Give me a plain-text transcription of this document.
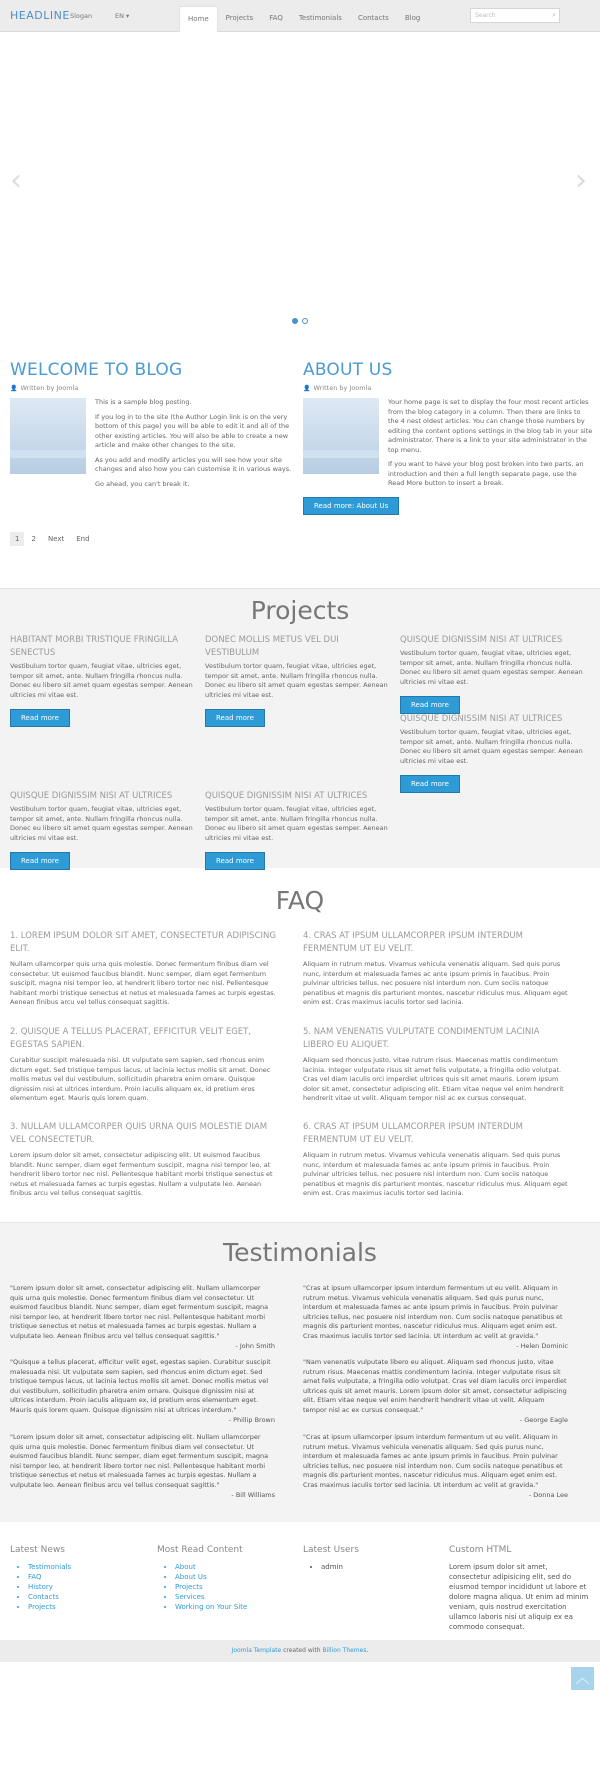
HEADLINE Slogan	EN ▾	Home	Projects	FAQ	Testimonials	Contacts	Blog	Search	⌕
‹	›
WELCOME TO BLOG
👤 Written by Joomla

This is a sample blog posting.

If you log in to the site (the Author Login link is on the very bottom of this page) you will be able to edit it and all of the other existing articles. You will also be able to create a new article and make other changes to the site.

As you add and modify articles you will see how your site changes and also how you can customise it in various ways.

Go ahead, you can't break it.

ABOUT US
👤 Written by Joomla

Your home page is set to display the four most recent articles from the blog category in a column. Then there are links to the 4 nest oldest articles. You can change those numbers by editing the content options settings in the blog tab in your site administrator. There is a link to your site administrator in the top menu.

If you want to have your blog post broken into two parts, an introduction and then a full length separate page, use the Read More button to insert a break.

Read more: About Us
1	2	Next	End
Projects
HABITANT MORBI TRISTIQUE FRINGILLA SENECTUS

Vestibulum tortor quam, feugiat vitae, ultricies eget, tempor sit amet, ante. Nullam fringilla rhoncus nulla. Donec eu libero sit amet quam egestas semper. Aenean ultricies mi vitae est.

Read more
DONEC MOLLIS METUS VEL DUI VESTIBULUM

Vestibulum tortor quam, feugiat vitae, ultricies eget, tempor sit amet, ante. Nullam fringilla rhoncus nulla. Donec eu libero sit amet quam egestas semper. Aenean ultricies mi vitae est.

Read more
QUISQUE DIGNISSIM NISI AT ULTRICES

Vestibulum tortor quam, feugiat vitae, ultricies eget, tempor sit amet, ante. Nullam fringilla rhoncus nulla. Donec eu libero sit amet quam egestas semper. Aenean ultricies mi vitae est.

Read more
QUISQUE DIGNISSIM NISI AT ULTRICES

Vestibulum tortor quam, feugiat vitae, ultricies eget, tempor sit amet, ante. Nullam fringilla rhoncus nulla. Donec eu libero sit amet quam egestas semper. Aenean ultricies mi vitae est.

Read more
QUISQUE DIGNISSIM NISI AT ULTRICES

Vestibulum tortor quam, feugiat vitae, ultricies eget, tempor sit amet, ante. Nullam fringilla rhoncus nulla. Donec eu libero sit amet quam egestas semper. Aenean ultricies mi vitae est.

Read more
QUISQUE DIGNISSIM NISI AT ULTRICES

Vestibulum tortor quam, feugiat vitae, ultricies eget, tempor sit amet, ante. Nullam fringilla rhoncus nulla. Donec eu libero sit amet quam egestas semper. Aenean ultricies mi vitae est.

Read more
FAQ
1. LOREM IPSUM DOLOR SIT AMET, CONSECTETUR ADIPISCING ELIT.

Nullam ullamcorper quis urna quis molestie. Donec fermentum finibus diam vel consectetur. Ut euismod faucibus blandit. Nunc semper, diam eget fermentum suscipit, magna nisi tempor leo, at hendrerit libero tortor nec nisl. Pellentesque habitant morbi tristique senectus et netus et malesuada fames ac turpis egestas. Aenean finibus arcu vel tellus consequat sagittis.

2. QUISQUE A TELLUS PLACERAT, EFFICITUR VELIT EGET, EGESTAS SAPIEN.

Curabitur suscipit malesuada nisi. Ut vulputate sem sapien, sed rhoncus enim dictum eget. Sed tristique tempus lacus, ut lacinia lectus mollis sit amet. Donec mollis metus vel dui vestibulum, sollicitudin pharetra enim ornare. Quisque dignissim nisi at ultrices interdum. Proin iaculis aliquam ex, id pretium eros elementum eget. Mauris quis lorem quam.

3. NULLAM ULLAMCORPER QUIS URNA QUIS MOLESTIE DIAM VEL CONSECTETUR.

Lorem ipsum dolor sit amet, consectetur adipiscing elit. Ut euismod faucibus blandit. Nunc semper, diam eget fermentum suscipit, magna nisi tempor leo, at hendrerit libero tortor nec nisl. Pellentesque habitant morbi tristique senectus et netus et malesuada fames ac turpis egestas. Nullam a vulputate leo. Aenean finibus arcu vel tellus consequat sagittis.

4. CRAS AT IPSUM ULLAMCORPER IPSUM INTERDUM FERMENTUM UT EU VELIT.

Aliquam in rutrum metus. Vivamus vehicula venenatis aliquam. Sed quis purus nunc, interdum et malesuada fames ac ante ipsum primis in faucibus. Proin pulvinar ultricies tellus, nec posuere nisl interdum non. Cum sociis natoque penatibus et magnis dis parturient montes, nascetur ridiculus mus. Aliquam eget enim est. Cras maximus iaculis tortor sed lacinia.

5. NAM VENENATIS VULPUTATE CONDIMENTUM LACINIA LIBERO EU ALIQUET.

Aliquam sed rhoncus justo, vitae rutrum risus. Maecenas mattis condimentum lacinia. Integer vulputate risus sit amet felis vulputate, a fringilla odio volutpat. Cras vel diam iaculis orci imperdiet ultrices quis sit amet mauris. Lorem ipsum dolor sit amet, consectetur adipiscing elit. Etiam vitae neque vel enim hendrerit hendrerit vitae ut velit. Aliquam tempor nisl ac ex cursus consequat.

6. CRAS AT IPSUM ULLAMCORPER IPSUM INTERDUM FERMENTUM UT EU VELIT.

Aliquam in rutrum metus. Vivamus vehicula venenatis aliquam. Sed quis purus nunc, interdum et malesuada fames ac ante ipsum primis in faucibus. Proin pulvinar ultricies tellus, nec posuere nisl interdum non. Cum sociis natoque penatibus et magnis dis parturient montes, nascetur ridiculus mus. Aliquam eget enim est. Cras maximus iaculis tortor sed lacinia.

Testimonials

"Lorem ipsum dolor sit amet, consectetur adipiscing elit. Nullam ullamcorper quis urna quis molestie. Donec fermentum finibus diam vel consectetur. Ut euismod faucibus blandit. Nunc semper, diam eget fermentum suscipit, magna nisi tempor leo, at hendrerit libero tortor nec nisl. Pellentesque habitant morbi tristique senectus et netus et malesuada fames ac turpis egestas. Nullam a vulputate leo. Aenean finibus arcu vel tellus consequat sagittis."

- John Smith

"Quisque a tellus placerat, efficitur velit eget, egestas sapien. Curabitur suscipit malesuada nisi. Ut vulputate sem sapien, sed rhoncus enim dictum eget. Sed tristique tempus lacus, ut lacinia lectus mollis sit amet. Donec mollis metus vel dui vestibulum, sollicitudin pharetra enim ornare. Quisque dignissim nisi at ultrices interdum. Proin iaculis aliquam ex, id pretium eros elementum eget. Mauris quis lorem quam. Quisque dignissim nisi at ultrices interdum."

- Phillip Brown

"Lorem ipsum dolor sit amet, consectetur adipiscing elit. Nullam ullamcorper quis urna quis molestie. Donec fermentum finibus diam vel consectetur. Ut euismod faucibus blandit. Nunc semper, diam eget fermentum suscipit, magna nisi tempor leo, at hendrerit libero tortor nec nisl. Pellentesque habitant morbi tristique senectus et netus et malesuada fames ac turpis egestas. Nullam a vulputate leo. Aenean finibus arcu vel tellus consequat sagittis."

- Bill Williams

"Cras at ipsum ullamcorper ipsum interdum fermentum ut eu velit. Aliquam in rutrum metus. Vivamus vehicula venenatis aliquam. Sed quis purus nunc, interdum et malesuada fames ac ante ipsum primis in faucibus. Proin pulvinar ultricies tellus, nec posuere nisl interdum non. Cum sociis natoque penatibus et magnis dis parturient montes, nascetur ridiculus mus. Aliquam eget enim est. Cras maximus iaculis tortor sed lacinia. Ut interdum ac velit at gravida."

- Helen Dominic

"Nam venenatis vulputate libero eu aliquet. Aliquam sed rhoncus justo, vitae rutrum risus. Maecenas mattis condimentum lacinia. Integer vulputate risus sit amet felis vulputate, a fringilla odio volutpat. Cras vel diam iaculis orci imperdiet ultrices quis sit amet mauris. Lorem ipsum dolor sit amet, consectetur adipiscing elit. Etiam vitae neque vel enim hendrerit hendrerit vitae ut velit. Aliquam tempor nisl ac ex cursus consequat."

- George Eagle

"Cras at ipsum ullamcorper ipsum interdum fermentum ut eu velit. Aliquam in rutrum metus. Vivamus vehicula venenatis aliquam. Sed quis purus nunc, interdum et malesuada fames ac ante ipsum primis in faucibus. Proin pulvinar ultricies tellus, nec posuere nisl interdum non. Cum sociis natoque penatibus et magnis dis parturient montes, nascetur ridiculus mus. Aliquam eget enim est. Cras maximus iaculis tortor sed lacinia. Ut interdum ac velit at gravida."

- Donna Lee
Latest News
• Testimonials
• FAQ
• History
• Contacts
• Projects
Most Read Content
• About
• About Us
• Projects
• Services
• Working on Your Site
Latest Users
• admin
Custom HTML

Lorem ipsum dolor sit amet, consectetur adipisicing elit, sed do eiusmod tempor incididunt ut labore et dolore magna aliqua. Ut enim ad minim veniam, quis nostrud exercitation ullamco laboris nisi ut aliquip ex ea commodo consequat.

Joomla Template created with Billion Themes.
︿
